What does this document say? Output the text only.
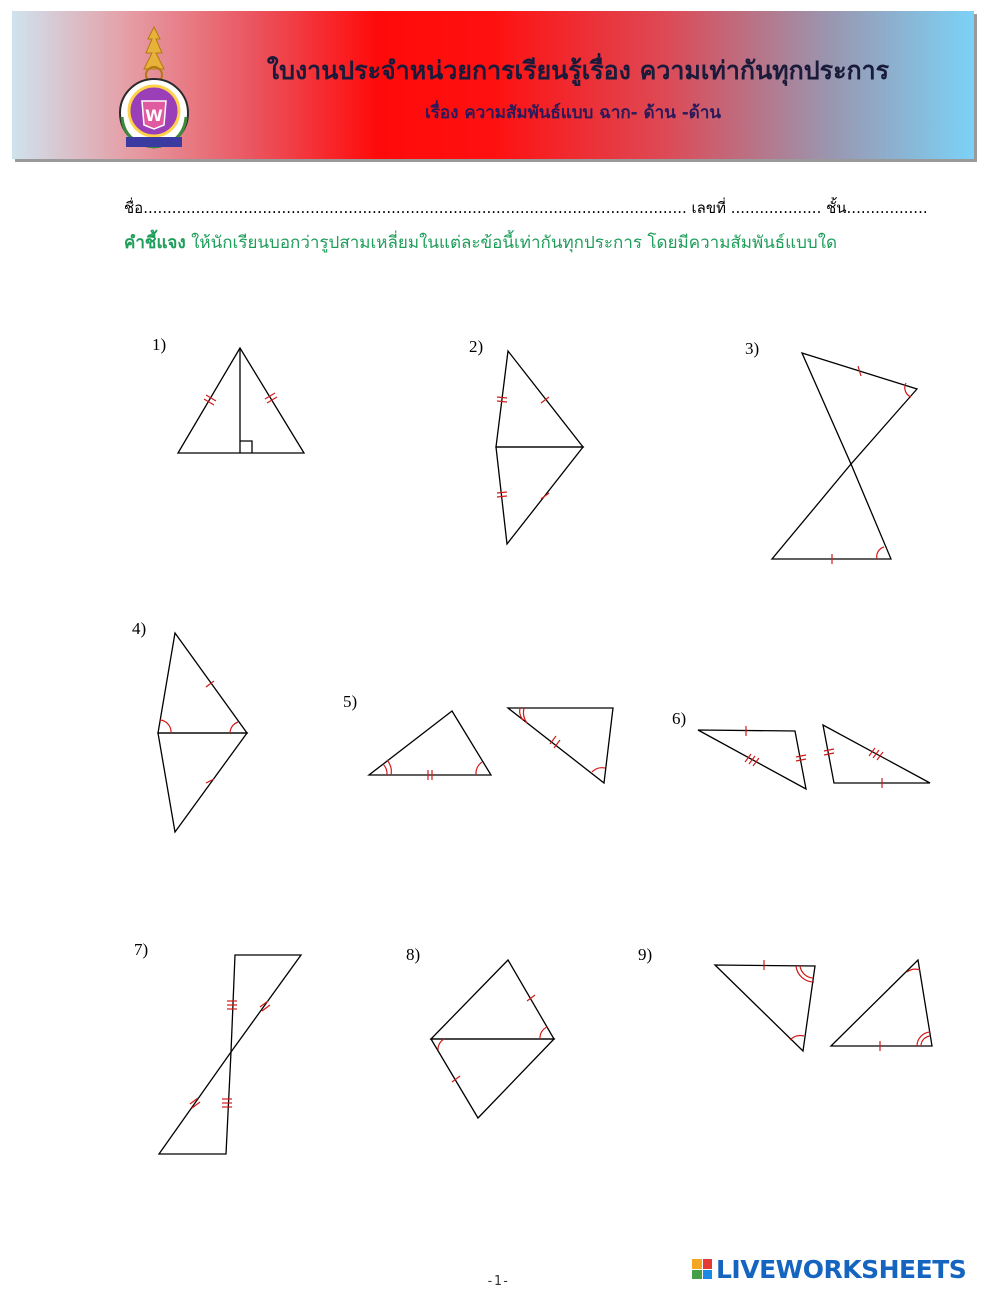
W
ใบงานประจำหน่วยการเรียนรู้เรื่อง ความเท่ากันทุกประการ
เรื่อง ความสัมพันธ์แบบ ฉาก- ด้าน -ด้าน
ชื่อ.................................................................................................................. เลขที่ ................... ชั้น.................
คำชี้แจง ให้นักเรียนบอกว่ารูปสามเหลี่ยมในแต่ละข้อนี้เท่ากันทุกประการ โดยมีความสัมพันธ์แบบใด
1)	2)	3)
4)
5)
6)
7)	8)	9)
-1-	LIVEWORKSHEETS
